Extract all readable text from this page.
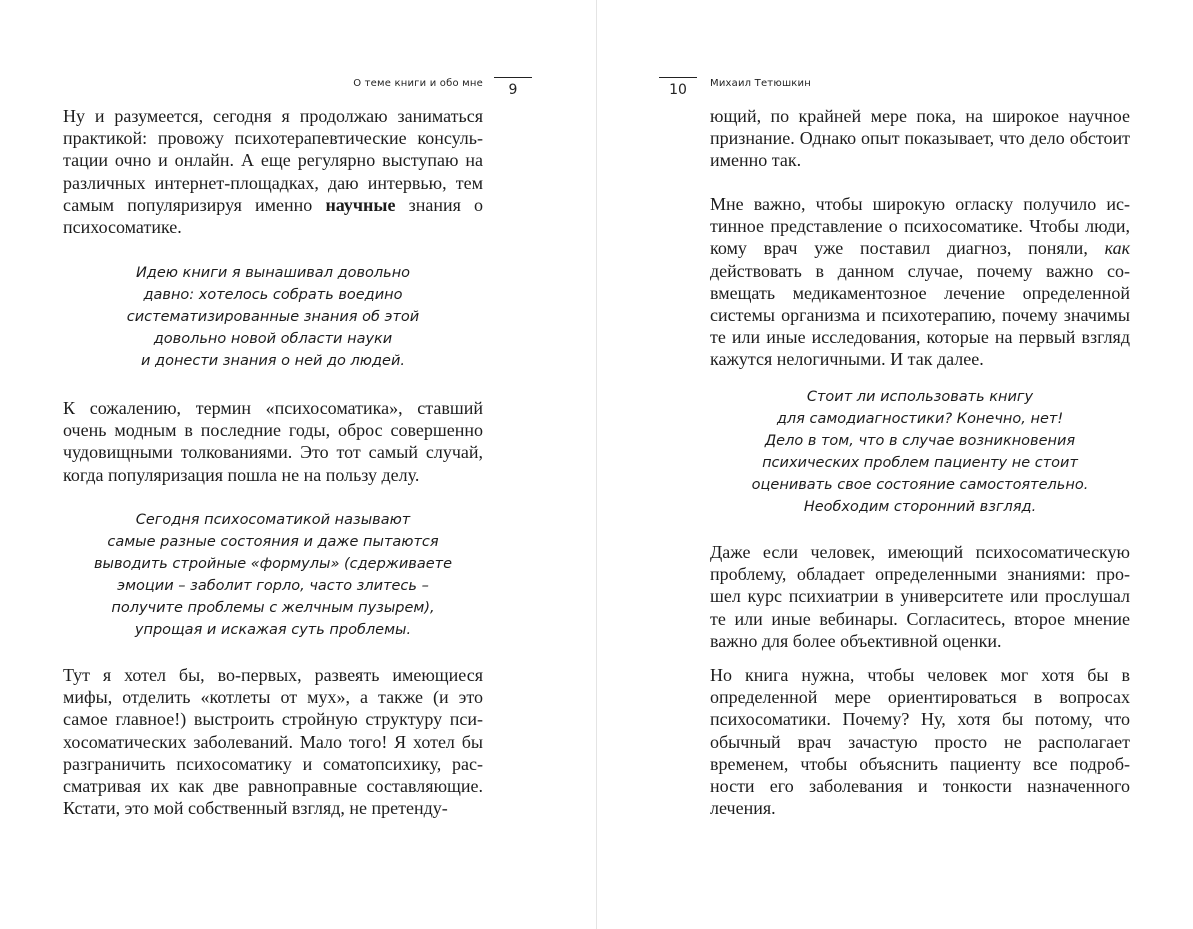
О теме книги и обо мне	9

Ну и разумеется, сегодня я продолжаю заниматься практикой: провожу психотерапевтические консультации очно и онлайн. А еще регулярно выступаю на различных интернет-площадках, даю интервью, тем самым популяризируя именно научные знания о психосоматике.

Идею книги я вынашивал довольно
давно: хотелось собрать воедино
систематизированные знания об этой
довольно новой области науки
и донести знания о ней до людей.

К сожалению, термин «психосоматика», ставший очень модным в последние годы, оброс совершенно чудовищными толкованиями. Это тот самый случай, когда популяризация пошла не на пользу делу.

Сегодня психосоматикой называют
самые разные состояния и даже пытаются
выводить стройные «формулы» (сдерживаете
эмоции – заболит горло, часто злитесь –
получите проблемы с желчным пузырем),
упрощая и искажая суть проблемы.

Тут я хотел бы, во-первых, развеять имеющиеся мифы, отделить «котлеты от мух», а также (и это самое главное!) выстроить стройную структуру психосоматических заболеваний. Мало того! Я хотел бы разграничить психосоматику и соматопсихику, рассматривая их как две равноправные составляющие. Кстати, это мой собственный взгляд, не претенду-

10	Михаил Тетюшкин

ющий, по крайней мере пока, на широкое научное признание. Однако опыт показывает, что дело обстоит именно так.

Мне важно, чтобы широкую огласку получило истинное представление о психосоматике. Чтобы люди, кому врач уже поставил диагноз, поняли, как действовать в данном случае, почему важно совмещать медикаментозное лечение определенной системы организма и психотерапию, почему значимы те или иные исследования, которые на первый взгляд кажутся нелогичными. И так далее.

Стоит ли использовать книгу
для самодиагностики? Конечно, нет!
Дело в том, что в случае возникновения
психических проблем пациенту не стоит
оценивать свое состояние самостоятельно.
Необходим сторонний взгляд.

Даже если человек, имеющий психосоматическую проблему, обладает определенными знаниями: прошел курс психиатрии в университете или прослушал те или иные вебинары. Согласитесь, второе мнение важно для более объективной оценки.

Но книга нужна, чтобы человек мог хотя бы в определенной мере ориентироваться в вопросах психосоматики. Почему? Ну, хотя бы потому, что обычный врач зачастую просто не располагает временем, чтобы объяснить пациенту все подробности его заболевания и тонкости назначенного лечения.
